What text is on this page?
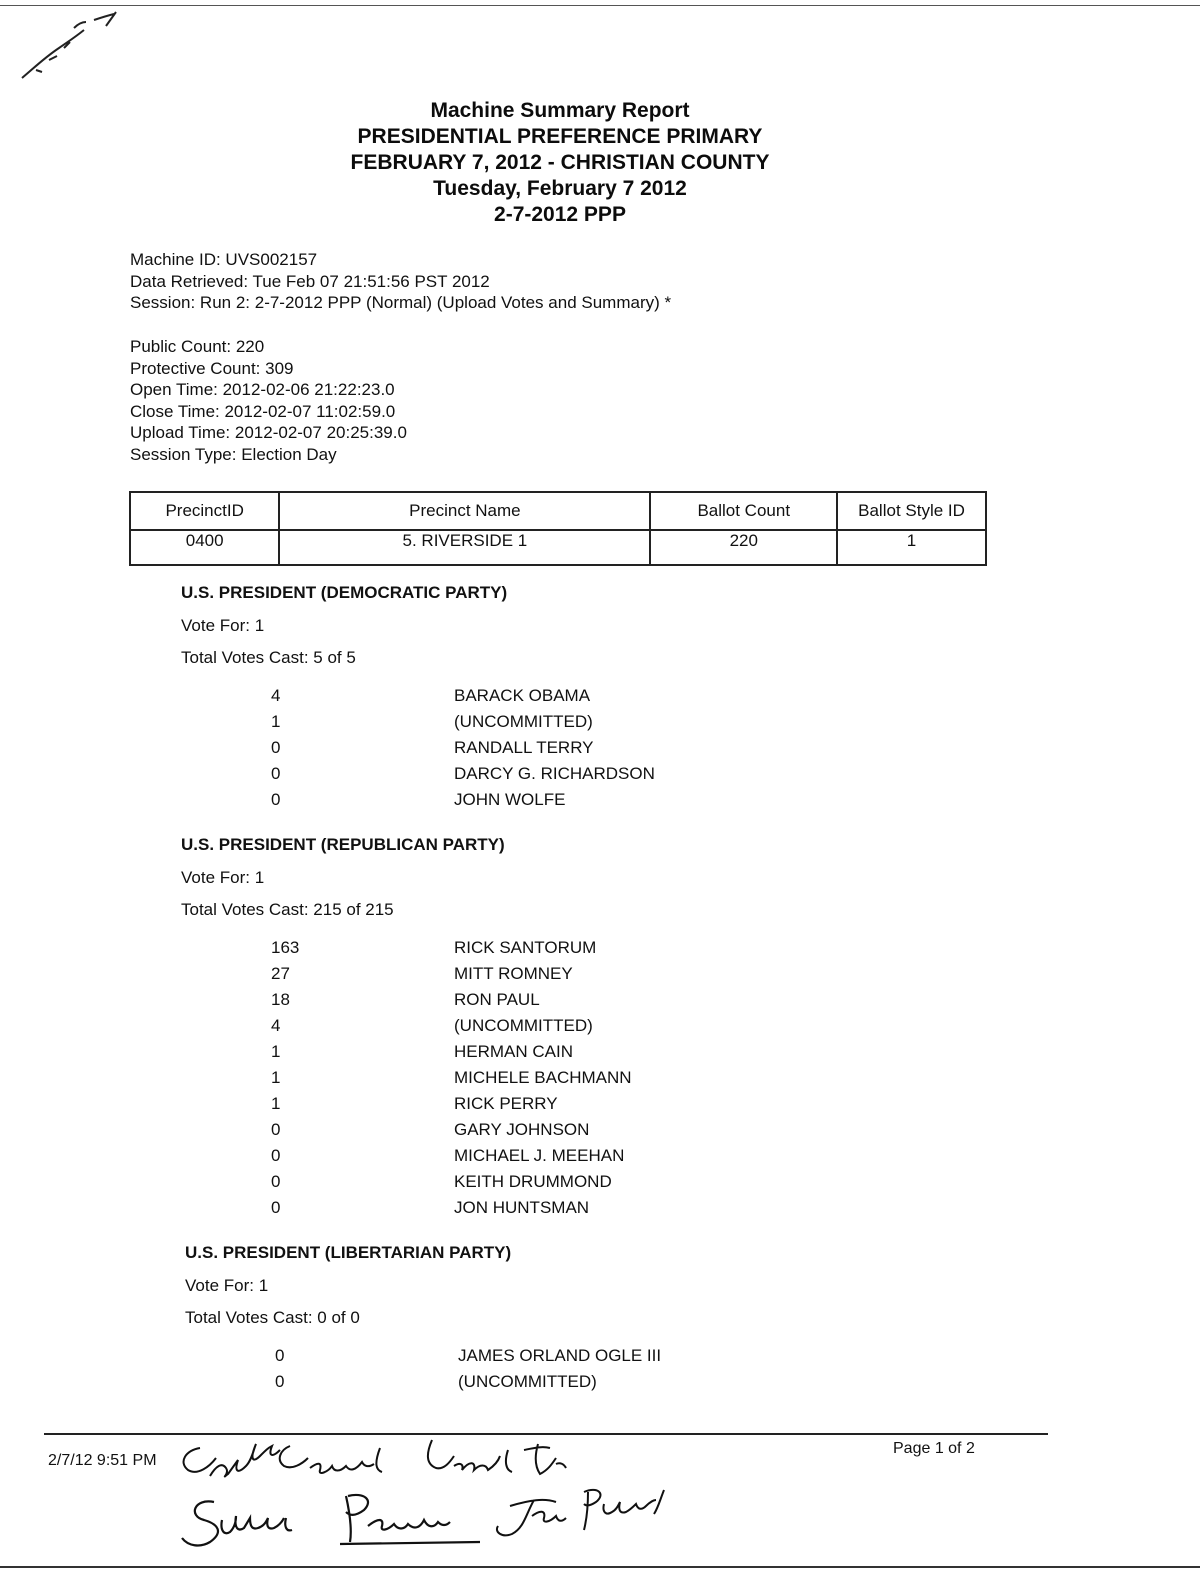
Machine Summary Report
PRESIDENTIAL PREFERENCE PRIMARY
FEBRUARY 7, 2012 - CHRISTIAN COUNTY
Tuesday, February 7 2012
2-7-2012 PPP
Machine ID: UVS002157
Data Retrieved: Tue Feb 07 21:51:56 PST 2012
Session: Run 2: 2-7-2012 PPP (Normal) (Upload Votes and Summary) *
Public Count: 220
Protective Count: 309
Open Time: 2012-02-06 21:22:23.0
Close Time: 2012-02-07 11:02:59.0
Upload Time: 2012-02-07 20:25:39.0
Session Type: Election Day
PrecinctID	Precinct Name	Ballot Count	Ballot Style ID
0400	5. RIVERSIDE 1	220	1
U.S. PRESIDENT (DEMOCRATIC PARTY)
Vote For: 1
Total Votes Cast: 5 of 5
4	BARACK OBAMA
1	(UNCOMMITTED)
0	RANDALL TERRY
0	DARCY G. RICHARDSON
0	JOHN WOLFE
U.S. PRESIDENT (REPUBLICAN PARTY)
Vote For: 1
Total Votes Cast: 215 of 215
163	RICK SANTORUM
27	MITT ROMNEY
18	RON PAUL
4	(UNCOMMITTED)
1	HERMAN CAIN
1	MICHELE BACHMANN
1	RICK PERRY
0	GARY JOHNSON
0	MICHAEL J. MEEHAN
0	KEITH DRUMMOND
0	JON HUNTSMAN
U.S. PRESIDENT (LIBERTARIAN PARTY)
Vote For: 1
Total Votes Cast: 0 of 0
0	JAMES ORLAND OGLE III
0	(UNCOMMITTED)
2/7/12 9:51 PM
Page 1 of 2
